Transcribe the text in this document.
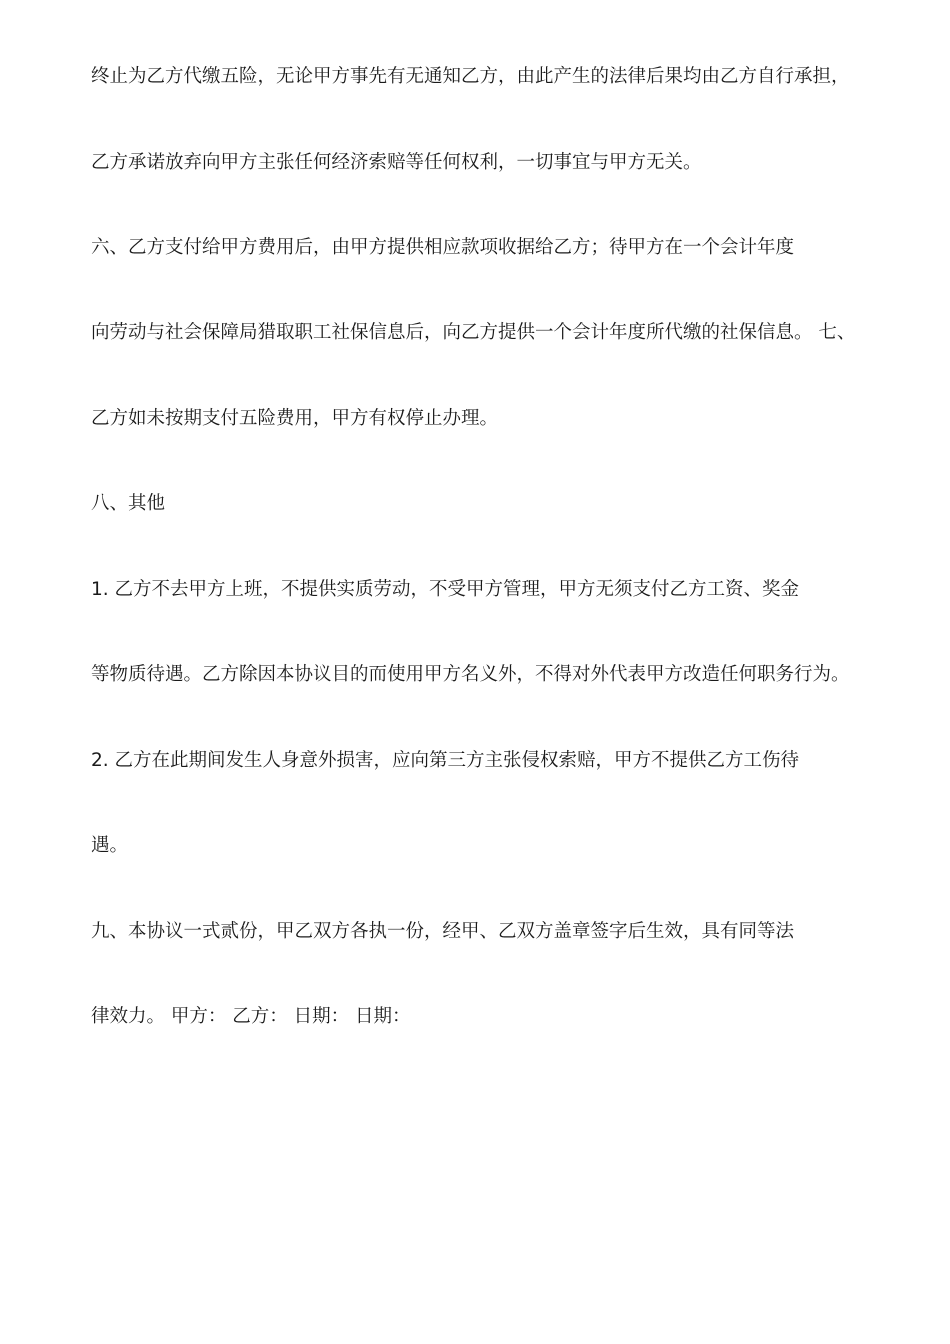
终止为乙方代缴五险，无论甲方事先有无通知乙方，由此产生的法律后果均由乙方自行承担，

乙方承诺放弃向甲方主张任何经济索赔等任何权利，一切事宜与甲方无关。

六、乙方支付给甲方费用后，由甲方提供相应款项收据给乙方；待甲方在一个会计年度

向劳动与社会保障局猎取职工社保信息后，向乙方提供一个会计年度所代缴的社保信息。 七、

乙方如未按期支付五险费用，甲方有权停止办理。

八、其他

1. 乙方不去甲方上班，不提供实质劳动，不受甲方管理，甲方无须支付乙方工资、奖金

等物质待遇。乙方除因本协议目的而使用甲方名义外，不得对外代表甲方改造任何职务行为。

2. 乙方在此期间发生人身意外损害，应向第三方主张侵权索赔，甲方不提供乙方工伤待

遇。

九、本协议一式贰份，甲乙双方各执一份，经甲、乙双方盖章签字后生效，具有同等法

律效力。 甲方： 乙方： 日期： 日期：
